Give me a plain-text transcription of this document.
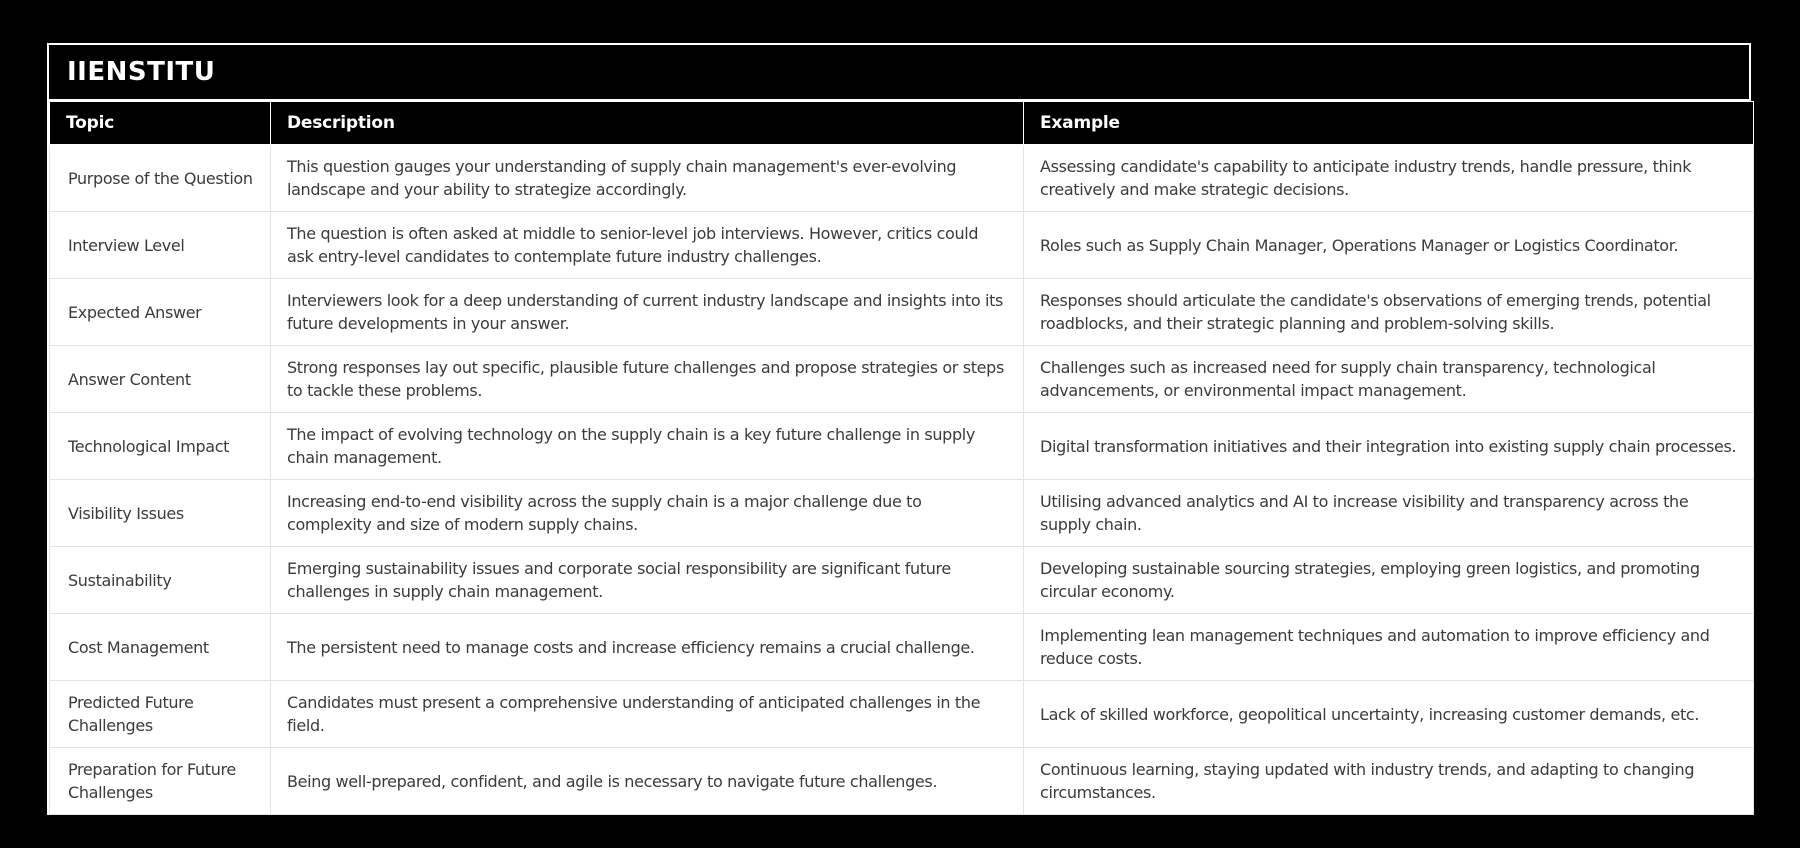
IIENSTITU
Topic	Description	Example
Purpose of the Question	This question gauges your understanding of supply chain management's ever-evolving landscape and your ability to strategize accordingly.	Assessing candidate's capability to anticipate industry trends, handle pressure, think creatively and make strategic decisions.
Interview Level	The question is often asked at middle to senior-level job interviews. However, critics could ask entry-level candidates to contemplate future industry challenges.	Roles such as Supply Chain Manager, Operations Manager or Logistics Coordinator.
Expected Answer	Interviewers look for a deep understanding of current industry landscape and insights into its future developments in your answer.	Responses should articulate the candidate's observations of emerging trends, potential roadblocks, and their strategic planning and problem-solving skills.
Answer Content	Strong responses lay out specific, plausible future challenges and propose strategies or steps to tackle these problems.	Challenges such as increased need for supply chain transparency, technological advancements, or environmental impact management.
Technological Impact	The impact of evolving technology on the supply chain is a key future challenge in supply chain management.	Digital transformation initiatives and their integration into existing supply chain processes.
Visibility Issues	Increasing end-to-end visibility across the supply chain is a major challenge due to complexity and size of modern supply chains.	Utilising advanced analytics and AI to increase visibility and transparency across the supply chain.
Sustainability	Emerging sustainability issues and corporate social responsibility are significant future challenges in supply chain management.	Developing sustainable sourcing strategies, employing green logistics, and promoting circular economy.
Cost Management	The persistent need to manage costs and increase efficiency remains a crucial challenge.	Implementing lean management techniques and automation to improve efficiency and reduce costs.
Predicted Future Challenges	Candidates must present a comprehensive understanding of anticipated challenges in the field.	Lack of skilled workforce, geopolitical uncertainty, increasing customer demands, etc.
Preparation for Future Challenges	Being well-prepared, confident, and agile is necessary to navigate future challenges.	Continuous learning, staying updated with industry trends, and adapting to changing circumstances.
